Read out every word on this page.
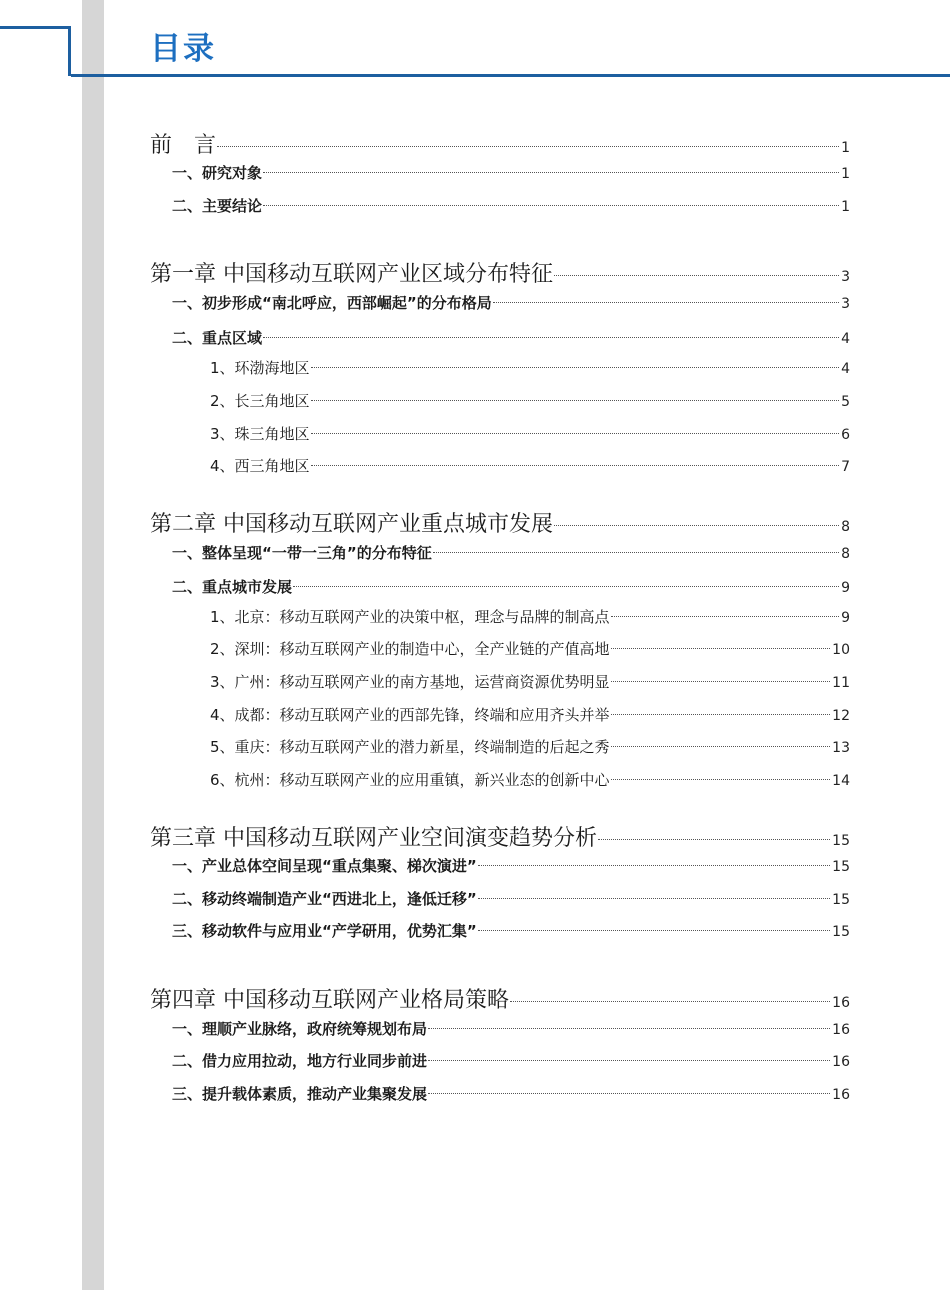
目录
前　言	1
一、研究对象	1
二、主要结论	1
第一章 中国移动互联网产业区域分布特征	3
一、初步形成“南北呼应，西部崛起”的分布格局	3
二、重点区域	4
1、环渤海地区	4
2、长三角地区	5
3、珠三角地区	6
4、西三角地区	7
第二章 中国移动互联网产业重点城市发展	8
一、整体呈现“一带一三角”的分布特征	8
二、重点城市发展	9
1、北京：移动互联网产业的决策中枢，理念与品牌的制高点	9
2、深圳：移动互联网产业的制造中心，全产业链的产值高地	10
3、广州：移动互联网产业的南方基地，运营商资源优势明显	11
4、成都：移动互联网产业的西部先锋，终端和应用齐头并举	12
5、重庆：移动互联网产业的潜力新星，终端制造的后起之秀	13
6、杭州：移动互联网产业的应用重镇，新兴业态的创新中心	14
第三章 中国移动互联网产业空间演变趋势分析	15
一、产业总体空间呈现“重点集聚、梯次演进”	15
二、移动终端制造产业“西进北上，逢低迁移”	15
三、移动软件与应用业“产学研用，优势汇集”	15
第四章 中国移动互联网产业格局策略	16
一、理顺产业脉络，政府统筹规划布局	16
二、借力应用拉动，地方行业同步前进	16
三、提升载体素质，推动产业集聚发展	16
